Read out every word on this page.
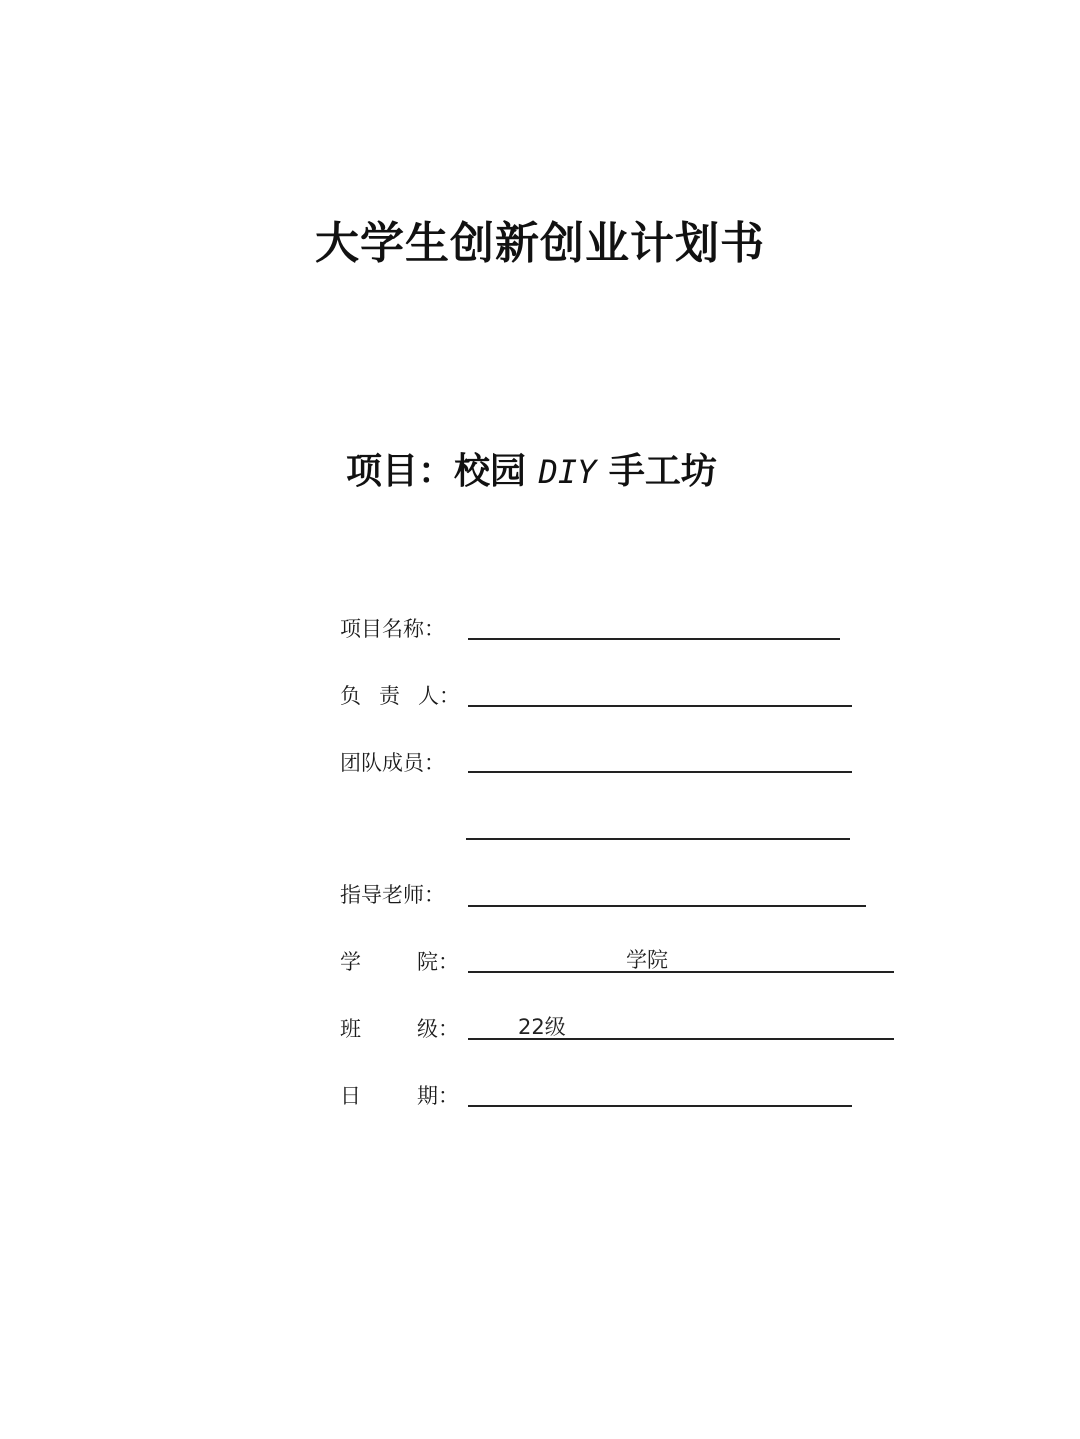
大学生创新创业计划书
项目：校园 DIY 手工坊
项目名称：
负 责 人：
团队成员：
指导老师：
学	院：	学院
班	级：	22级
日	期：
